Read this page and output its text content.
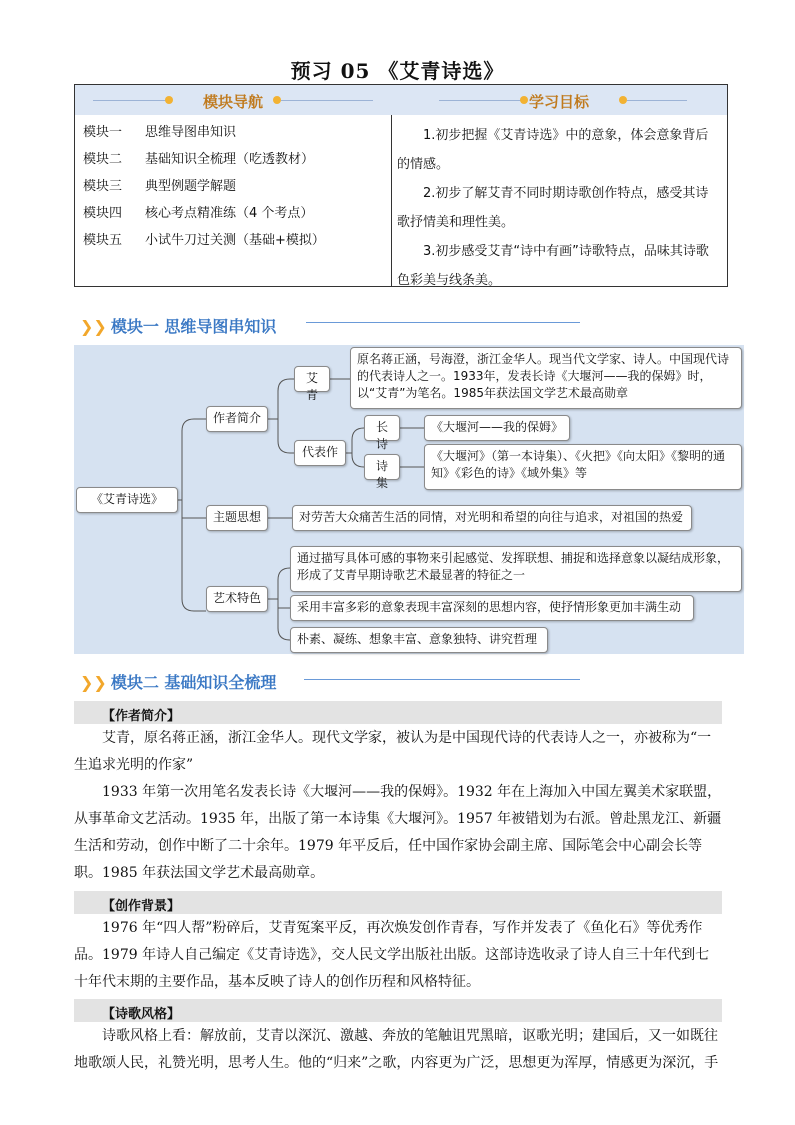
预习 05 《艾青诗选》
模块导航
模块一 思维导图串知识
模块二 基础知识全梳理（吃透教材）
模块三 典型例题学解题
模块四 核心考点精准练（4 个考点）
模块五 小试牛刀过关测（基础+模拟）
学习目标
1.初步把握《艾青诗选》中的意象，体会意象背后的情感。
2.初步了解艾青不同时期诗歌创作特点，感受其诗歌抒情美和理性美。
3.初步感受艾青“诗中有画”诗歌特点，品味其诗歌色彩美与线条美。
❯❯ 模块一 思维导图串知识
《艾青诗选》
作者简介
艾青
原名蒋正涵，号海澄，浙江金华人。现当代文学家、诗人。中国现代诗的代表诗人之一。1933年，发表长诗《大堰河——我的保姆》时，以“艾青”为笔名。1985年获法国文学艺术最高勋章
代表作
长诗
《大堰河——我的保姆》
诗集
《大堰河》（第一本诗集）、《火把》《向太阳》《黎明的通知》《彩色的诗》《域外集》等
主题思想	对劳苦大众痛苦生活的同情，对光明和希望的向往与追求，对祖国的热爱
艺术特色
通过描写具体可感的事物来引起感觉、发挥联想、捕捉和选择意象以凝结成形象，形成了艾青早期诗歌艺术最显著的特征之一
采用丰富多彩的意象表现丰富深刻的思想内容，使抒情形象更加丰满生动
朴素、凝练、想象丰富、意象独特、讲究哲理
❯❯ 模块二 基础知识全梳理
【作者简介】
艾青，原名蒋正涵，浙江金华人。现代文学家，被认为是中国现代诗的代表诗人之一，亦被称为“一生追求光明的作家”
1933 年第一次用笔名发表长诗《大堰河——我的保姆》。1932 年在上海加入中国左翼美术家联盟，从事革命文艺活动。1935 年，出版了第一本诗集《大堰河》。1957 年被错划为右派。曾赴黑龙江、新疆生活和劳动，创作中断了二十余年。1979 年平反后，任中国作家协会副主席、国际笔会中心副会长等职。1985 年获法国文学艺术最高勋章。
【创作背景】
1976 年“四人帮”粉碎后，艾青冤案平反，再次焕发创作青春，写作并发表了《鱼化石》等优秀作品。1979 年诗人自己编定《艾青诗选》，交人民文学出版社出版。这部诗选收录了诗人自三十年代到七十年代末期的主要作品，基本反映了诗人的创作历程和风格特征。
【诗歌风格】
诗歌风格上看：解放前，艾青以深沉、激越、奔放的笔触诅咒黑暗，讴歌光明；建国后，又一如既往地歌颂人民，礼赞光明，思考人生。他的“归来”之歌，内容更为广泛，思想更为浑厚，情感更为深沉，手
